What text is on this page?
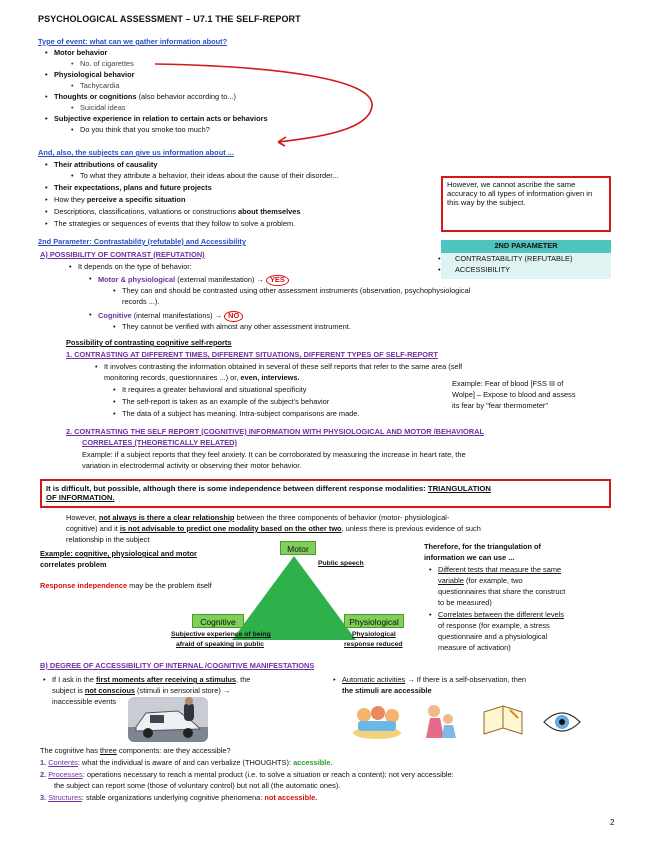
PSYCHOLOGICAL ASSESSMENT – U7.1 THE SELF-REPORT
Type of event: what can we gather information about?
• Motor behavior
• No. of cigarettes
• Physiological behavior
• Tachycardia
• Thoughts or cognitions (also behavior according to...)
• Suicidal ideas
• Subjective experience in relation to certain acts or behaviors
• Do you think that you smoke too much?
And, also, the subjects can give us information about ...
• Their attributions of causality
• To what they attribute a behavior, their ideas about the cause of their disorder...
• Their expectations, plans and future projects
• How they perceive a specific situation
• Descriptions, classifications, valuations or constructions about themselves
• The strategies or sequences of events that they follow to solve a problem.
However, we cannot ascribe the same accuracy to all types of information given in this way by the subject.
2nd Parameter: Contrastability (refutable) and Accessibility	2ND PARAMETER
• CONTRASTABILITY (REFUTABLE)
• ACCESSIBILITY
A) POSSIBILITY OF CONTRAST (REFUTATION)
• It depends on the type of behavior:
• Motor & physiological (external manifestation) → YES
• They can and should be contrasted using other assessment instruments (observation, psychophysiological
records ...).
• Cognitive (internal manifestations) → NO
• They cannot be verified with almost any other assessment instrument.
Possibility of contrasting cognitive self-reports
1. CONTRASTING AT DIFFERENT TIMES, DIFFERENT SITUATIONS, DIFFERENT TYPES OF SELF-REPORT
• It involves contrasting the information obtained in several of these self reports that refer to the same area (self
monitoring records, questionnaires ...) or, even, interviews.
• It requires a greater behavioral and situational specificity
• The self-report is taken as an example of the subject's behavior
• The data of a subject has meaning. Intra-subject comparisons are made.
Example: Fear of blood [FSS III of
Wolpe] – Expose to blood and assess
its fear by "fear thermometer"
2. CONTRASTING THE SELF REPORT (COGNITIVE) INFORMATION WITH PHYSIOLOGICAL AND MOTOR /BEHAVIORAL
CORRELATES (THEORETICALLY RELATED)
Example: if a subject reports that they feel anxiety. It can be corroborated by measuring the increase in heart rate, the
variation in electrodermal activity or observing their motor behavior.
It is difficult, but possible, although there is some independence between different response modalities: TRIANGULATION
OF INFORMATION.
However, not always is there a clear relationship between the three components of behavior (motor- physiological-
cognitive) and it is not advisable to predict one modality based on the other two, unless there is previous evidence of such
relationship in the subject
Example: cognitive, physiological and motor
correlates problem
Response independence may be the problem itself
Motor
Public speech
Cognitive
Subjective experience of being
afraid of speaking in public
Physiological
Physiological
response reduced
Therefore, for the triangulation of
information we can use ...
• Different tests that measure the same
variable (for example, two
questionnaires that share the construct
to be measured)
• Correlates between the different levels
of response (for example, a stress
questionnaire and a physiological
measure of activation)
B) DEGREE OF ACCESSIBILITY OF INTERNAL /COGNITIVE MANIFESTATIONS
• If I ask in the first moments after receiving a stimulus, the
subject is not conscious (stimuli in sensorial store) →
inaccessible events
• Automatic activities → If there is a self-observation, then
the stimuli are accessible
The cognitive has three components: are they accessible?
1. Contents: what the individual is aware of and can verbalize (THOUGHTS): accessible.
2. Processes: operations necessary to reach a mental product (i.e. to solve a situation or reach a content): not very accessible:
the subject can report some (those of voluntary control) but not all (the automatic ones).
3. Structures: stable organizations underlying cognitive phenomena: not accessible.
2
